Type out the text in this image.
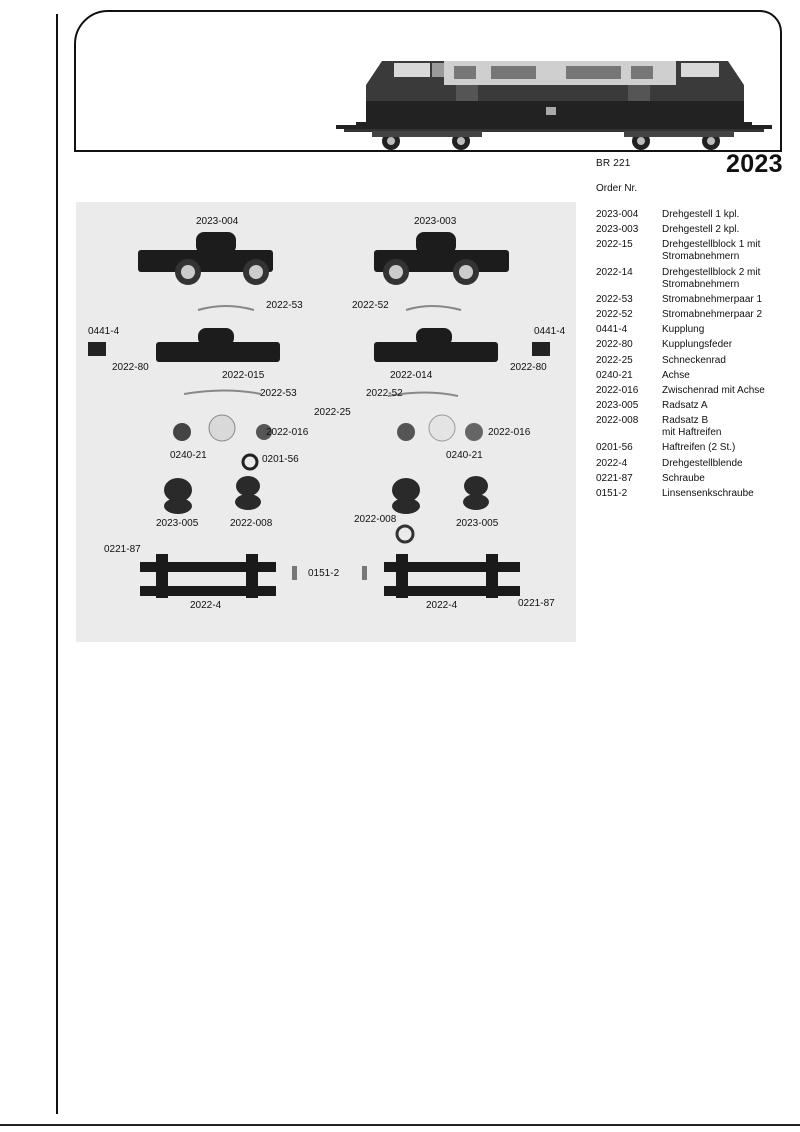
BR 221	2023
Order Nr.
2023-004	Drehgestell 1 kpl.
2023-003	Drehgestell 2 kpl.
2022-15	Drehgestellblock 1 mit
Stromabnehmern
2022-14	Drehgestellblock 2 mit
Stromabnehmern
2022-53	Stromabnehmerpaar 1
2022-52	Stromabnehmerpaar 2
0441-4	Kupplung
2022-80	Kupplungsfeder
2022-25	Schneckenrad
0240-21	Achse
2022-016	Zwischenrad mit Achse
2023-005	Radsatz A
2022-008	Radsatz B
mit Haftreifen
0201-56	Haftreifen (2 St.)
2022-4	Drehgestellblende
0221-87	Schraube
0151-2	Linsensenkschraube
2023-004	2023-003
2022-53	2022-52
0441-4	0441-4
2022-80
2022-015	2022-014
2022-80
2022-53	2022-52
2022-25
2022-016	2022-016
0240-21	0201-56	0240-21
2023-005	2022-008	2022-008	2023-005
0221-87
0151-2
2022-4	2022-4	0221-87
